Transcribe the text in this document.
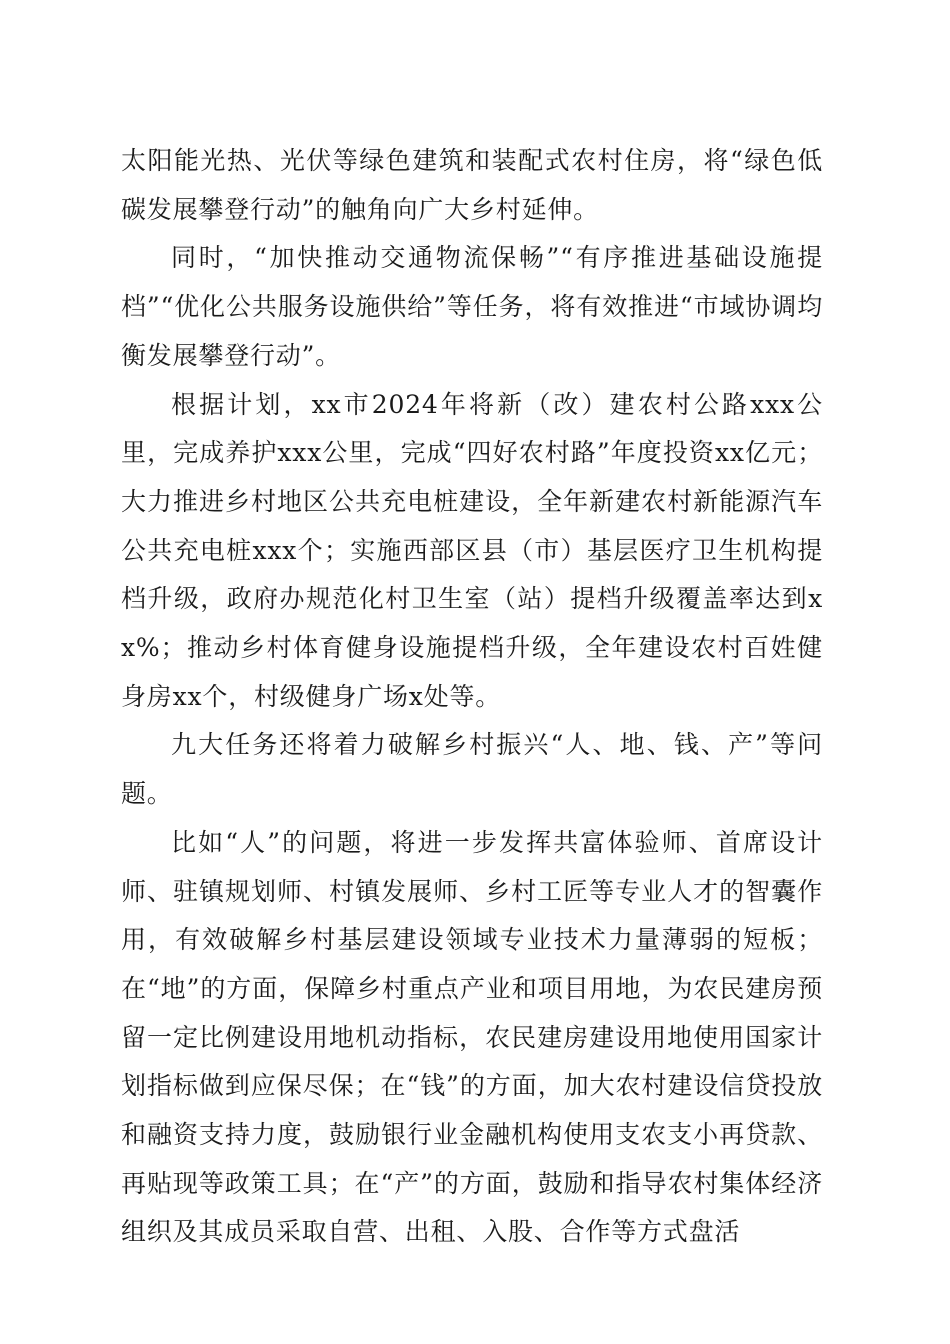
太阳能光热、光伏等绿色建筑和装配式农村住房，将“绿色低碳发展攀登行动”的触角向广大乡村延伸。

同时，“加快推动交通物流保畅”“有序推进基础设施提档”“优化公共服务设施供给”等任务，将有效推进“市域协调均衡发展攀登行动”。

根据计划，xx市2024年将新（改）建农村公路xxx公里，完成养护xxx公里，完成“四好农村路”年度投资xx亿元；大力推进乡村地区公共充电桩建设，全年新建农村新能源汽车公共充电桩xxx个；实施西部区县（市）基层医疗卫生机构提档升级，政府办规范化村卫生室（站）提档升级覆盖率达到xx%；推动乡村体育健身设施提档升级，全年建设农村百姓健身房xx个，村级健身广场x处等。

九大任务还将着力破解乡村振兴“人、地、钱、产”等问题。

比如“人”的问题，将进一步发挥共富体验师、首席设计师、驻镇规划师、村镇发展师、乡村工匠等专业人才的智囊作用，有效破解乡村基层建设领域专业技术力量薄弱的短板；在“地”的方面，保障乡村重点产业和项目用地，为农民建房预留一定比例建设用地机动指标，农民建房建设用地使用国家计划指标做到应保尽保；在“钱”的方面，加大农村建设信贷投放和融资支持力度，鼓励银行业金融机构使用支农支小再贷款、再贴现等政策工具；在“产”的方面，鼓励和指导农村集体经济组织及其成员采取自营、出租、入股、合作等方式盘活
